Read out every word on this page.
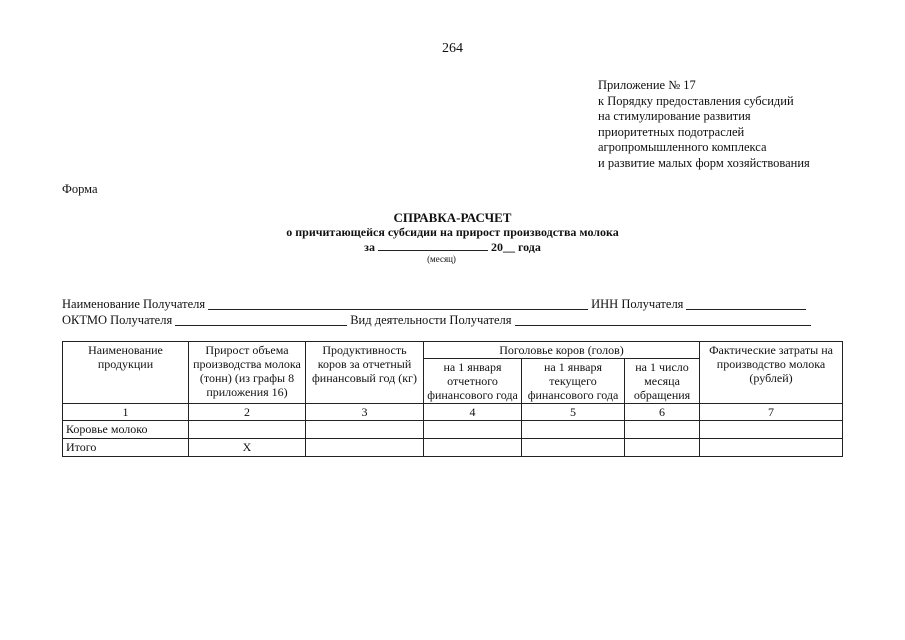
264
Приложение № 17
к Порядку предоставления субсидий
на стимулирование развития
приоритетных подотраслей
агропромышленного комплекса
и развитие малых форм хозяйствования
Форма
СПРАВКА-РАСЧЕТ
о причитающейся субсидии на прирост производства молока
за	20__ года
(месяц)
Наименование Получателя	ИНН Получателя
ОКТМО Получателя	Вид деятельности Получателя
Наименование продукции	Прирост объема производства молока (тонн) (из графы 8 приложения 16)	Продуктивность коров за отчетный финансовый год (кг)	Поголовье коров (голов)			Фактические затраты на производство молока (рублей)
			на 1 января отчетного финансового года	на 1 января текущего финансового года	на 1 число месяца обращения	
1	2	3	4	5	6	7
Коровье молоко						
Итого	Х					
